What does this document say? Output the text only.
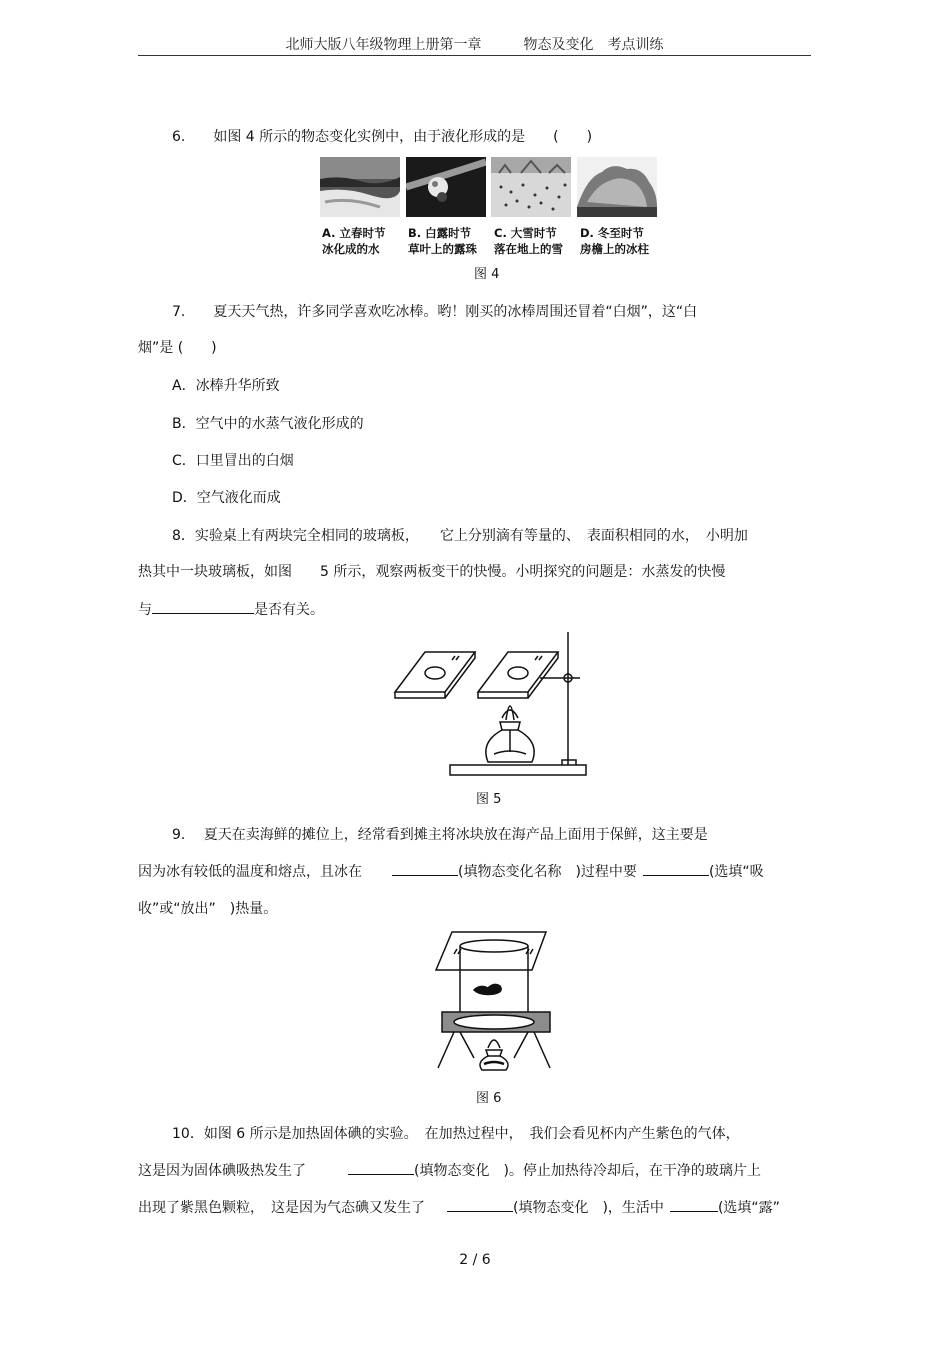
北师大版八年级物理上册第一章　　　物态及变化　考点训练
6.　　如图 4 所示的物态变化实例中，由于液化形成的是　　(　　)
A. 立春时节
冰化成的水
B. 白露时节
草叶上的露珠
C. 大雪时节
落在地上的雪
D. 冬至时节
房檐上的冰柱
图 4
7.　　夏天天气热，许多同学喜欢吃冰棒。哟！刚买的冰棒周围还冒着“白烟”，这“白
烟”是 (　　)
A．冰棒升华所致
B．空气中的水蒸气液化形成的
C．口里冒出的白烟
D．空气液化而成
8．实验桌上有两块完全相同的玻璃板，　　它上分别滴有等量的、　表面积相同的水，　小明加
热其中一块玻璃板，如图　　5 所示，观察两板变干的快慢。小明探究的问题是：水蒸发的快慢
与	是否有关。
图 5
9.　 夏天在卖海鲜的摊位上，经常看到摊主将冰块放在海产品上面用于保鲜，这主要是
因为冰有较低的温度和熔点，且冰在	(填物态变化名称　)过程中要	(选填“吸
收”或“放出”　)热量。
图 6
10．如图 6 所示是加热固体碘的实验。　在加热过程中，　我们会看见杯内产生紫色的气体，
这是因为固体碘吸热发生了	(填物态变化　)。停止加热待冷却后，在干净的玻璃片上
出现了紫黑色颗粒，　这是因为气态碘又发生了	(填物态变化　)，生活中	(选填“露”
2 / 6
